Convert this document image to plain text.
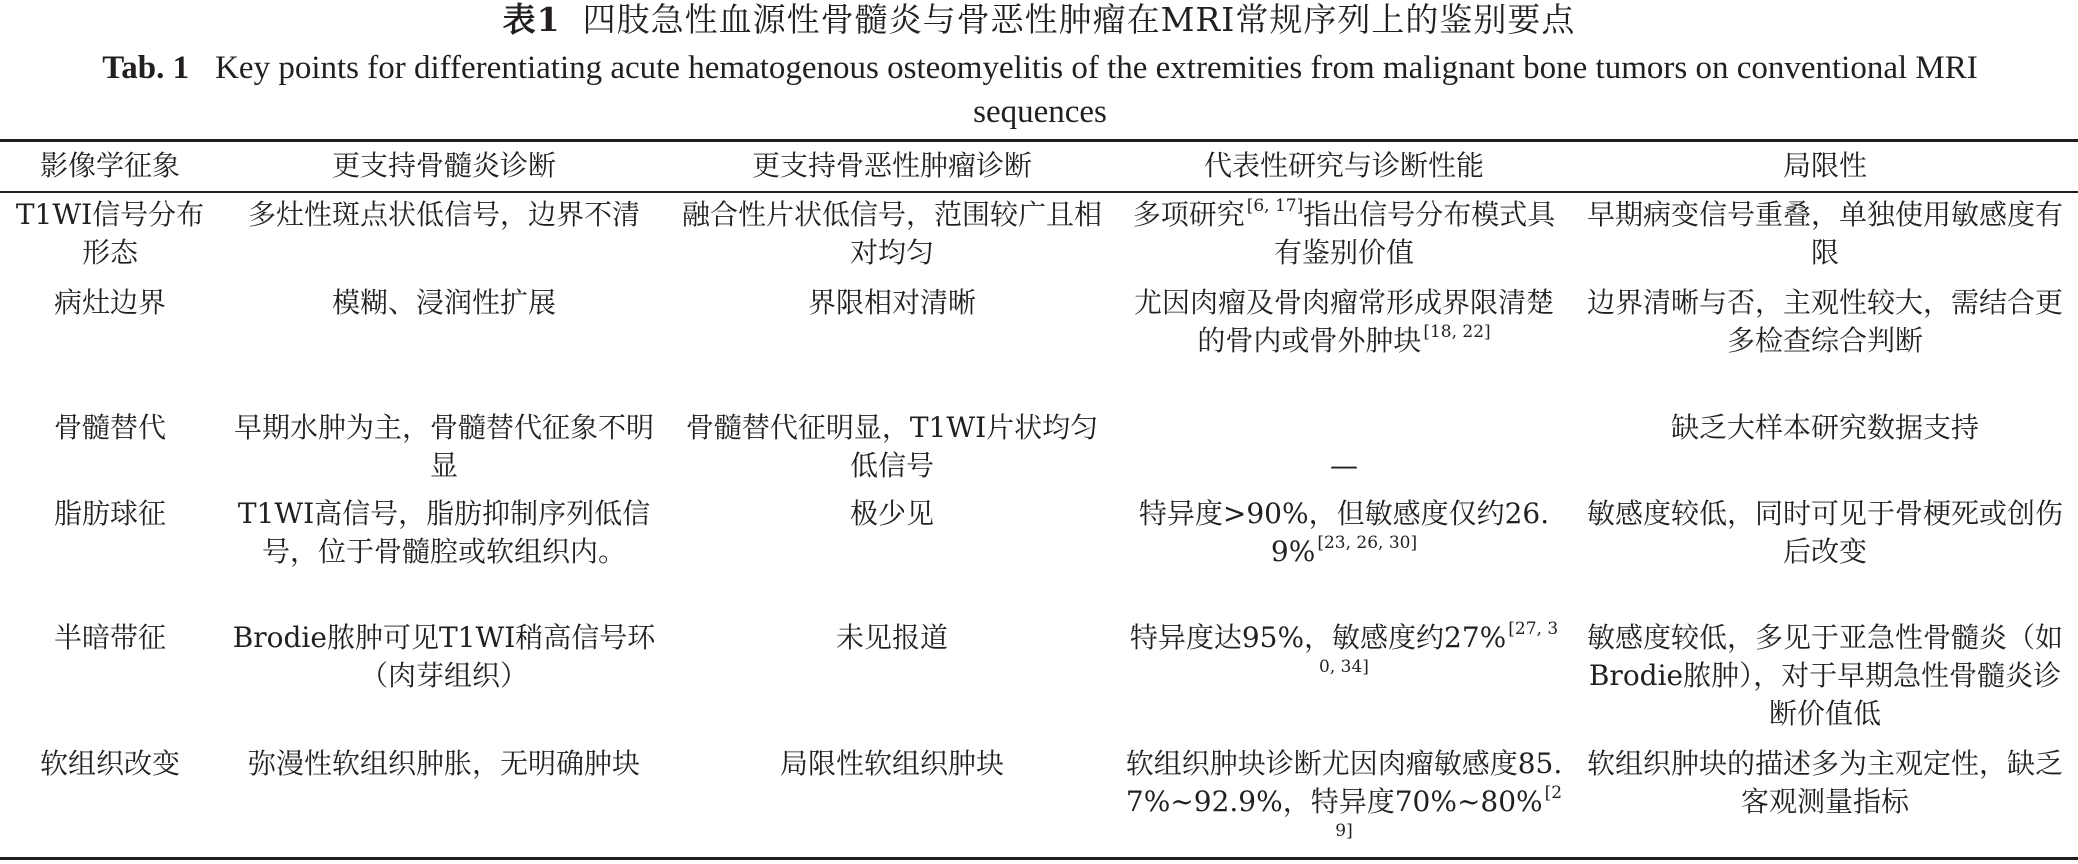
表1 四肢急性血源性骨髓炎与骨恶性肿瘤在MRI常规序列上的鉴别要点
Tab. 1 Key points for differentiating acute hematogenous osteomyelitis of the extremities from malignant bone tumors on conventional MRI sequences
影像学征象	更支持骨髓炎诊断	更支持骨恶性肿瘤诊断	代表性研究与诊断性能	局限性
T1WI信号分布形态	多灶性斑点状低信号，边界不清	融合性片状低信号，范围较广且相对均匀	多项研究 [6, 17]指出信号分布模式具有鉴别价值	早期病变信号重叠，单独使用敏感度有限
病灶边界	模糊、浸润性扩展	界限相对清晰	尤因肉瘤及骨肉瘤常形成界限清楚的骨内或骨外肿块 [18, 22]	边界清晰与否，主观性较大，需结合更多检查综合判断
骨髓替代	早期水肿为主，骨髓替代征象不明显	骨髓替代征明显，T1WI片状均匀低信号	—	缺乏大样本研究数据支持
脂肪球征	T1WI高信号，脂肪抑制序列低信号，位于骨髓腔或软组织内。	极少见	特异度>90%，但敏感度仅约26.9% [23, 26, 30]	敏感度较低，同时可见于骨梗死或创伤后改变
半暗带征	Brodie脓肿可见T1WI稍高信号环（肉芽组织）	未见报道	特异度达95%，敏感度约27% [27, 30, 34]	敏感度较低，多见于亚急性骨髓炎（如Brodie脓肿），对于早期急性骨髓炎诊断价值低
软组织改变	弥漫性软组织肿胀，无明确肿块	局限性软组织肿块	软组织肿块诊断尤因肉瘤敏感度85.7%~92.9%，特异度70%~80% [29]	软组织肿块的描述多为主观定性，缺乏客观测量指标
